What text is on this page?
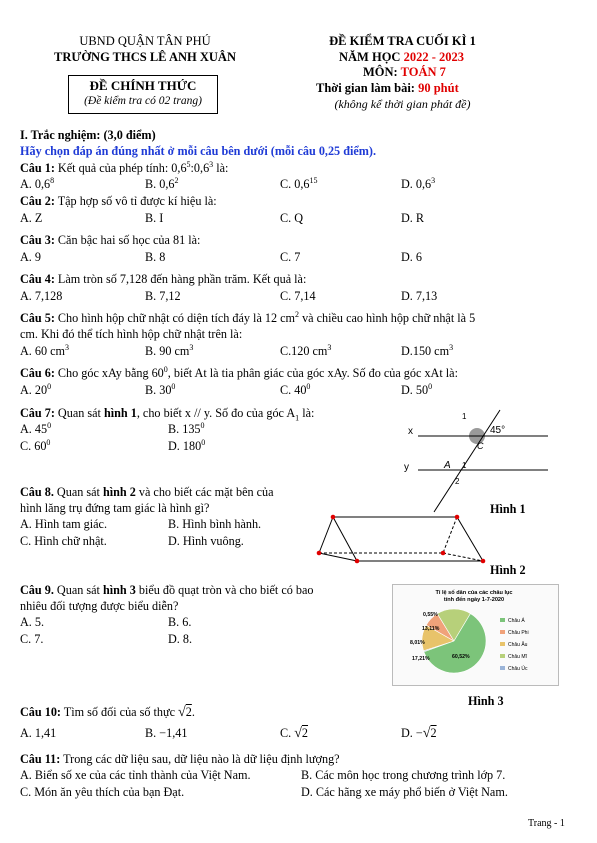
UBND QUẬN TÂN PHÚ
TRƯỜNG THCS LÊ ANH XUÂN
ĐỀ CHÍNH THỨC
(Đề kiểm tra có 02 trang)
ĐỀ KIỂM TRA CUỐI KÌ 1
NĂM HỌC 2022 - 2023
MÔN: TOÁN 7
Thời gian làm bài: 90 phút
(không kể thời gian phát đề)
I. Trắc nghiệm: (3,0 điểm)
Hãy chọn đáp án đúng nhất ở mỗi câu bên dưới (mỗi câu 0,25 điểm).
Câu 1: Kết quả của phép tính: $0,6^5:0,6^3$ là:
A. $0,6^8$	B. $0,6^2$	C. $0,6^{15}$	D. $0,6^3$
Câu 2: Tập hợp số vô tỉ được kí hiệu là:
A. Z	B. I	C. Q	D. R
Câu 3: Căn bậc hai số học của 81 là:
A. 9	B. 8	C. 7	D. 6
Câu 4: Làm tròn số 7,128 đến hàng phần trăm. Kết quả là:
A. 7,128	B. 7,12	C. 7,14	D. 7,13
Câu 5: Cho hình hộp chữ nhật có diện tích đáy là 12 $cm^2$ và chiều cao hình hộp chữ nhật là 5
cm. Khi đó thể tích hình hộp chữ nhật trên là:
A. 60 $cm^3$	B. 90 $cm^3$	C.120 $cm^3$	D.150 $cm^3$
Câu 6: Cho góc xAy bằng $60^0$, biết At là tia phân giác của góc xAy. Số đo của góc xAt là:
A. $20^0$	B. $30^0$	C. $40^0$	D. $50^0$
Câu 7: Quan sát hình 1, cho biết x // y. Số đo của góc $A_1$ là:
A. $45^0$	B. $135^0$
C. $60^0$	D. $180^0$
1
x	45°
C
y	A 1
2
Hình 1
Câu 8. Quan sát hình 2 và cho biết các mặt bên của
hình lăng trụ đứng tam giác là hình gì?
A. Hình tam giác.	B. Hình bình hành.
C. Hình chữ nhật.	D. Hình vuông.
Hình 2
Câu 9. Quan sát hình 3 biểu đồ quạt tròn và cho biết có bao
nhiêu đối tượng được biểu diễn?
A. 5.	B. 6.
C. 7.	D. 8.
Tỉ lệ số dân của các châu lục
tính đến ngày 1-7-2020
0,55%
13,11%
8,01%
17,21%	60,52%
Châu Á
Châu Phi
Châu Âu
Châu Mĩ
Châu Úc
Hình 3
Câu 10: Tìm số đối của số thực √2.
A. 1,41	B. −1,41	C. √2	D. −√2
Câu 11: Trong các dữ liệu sau, dữ liệu nào là dữ liệu định lượng?
A. Biển số xe của các tỉnh thành của Việt Nam.	B. Các môn học trong chương trình lớp 7.
C. Món ăn yêu thích của bạn Đạt.	D. Các hãng xe máy phổ biến ở Việt Nam.
Trang - 1
